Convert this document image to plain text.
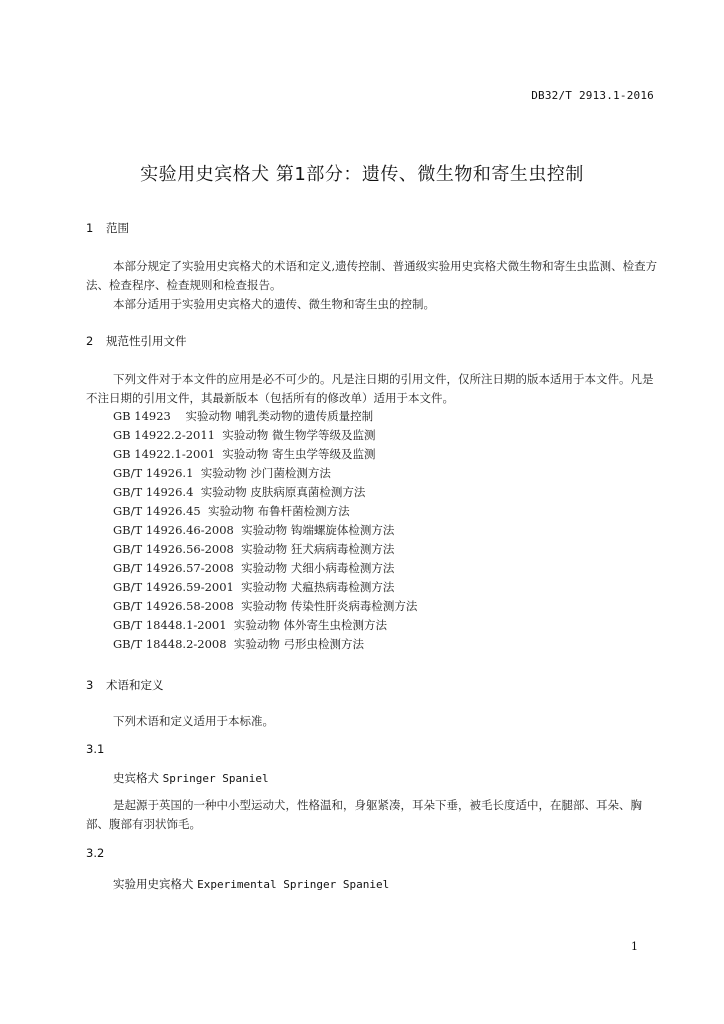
DB32/T 2913.1-2016
实验用史宾格犬 第1部分：遗传、微生物和寄生虫控制
1 范围
本部分规定了实验用史宾格犬的术语和定义,遗传控制、普通级实验用史宾格犬微生物和寄生虫监测、检查方法、检查程序、检查规则和检查报告。
本部分适用于实验用史宾格犬的遗传、微生物和寄生虫的控制。
2 规范性引用文件
下列文件对于本文件的应用是必不可少的。凡是注日期的引用文件，仅所注日期的版本适用于本文件。凡是不注日期的引用文件，其最新版本（包括所有的修改单）适用于本文件。
GB 14923    实验动物 哺乳类动物的遗传质量控制
GB 14922.2-2011  实验动物 微生物学等级及监测
GB 14922.1-2001  实验动物 寄生虫学等级及监测
GB/T 14926.1  实验动物 沙门菌检测方法
GB/T 14926.4  实验动物 皮肤病原真菌检测方法
GB/T 14926.45  实验动物 布鲁杆菌检测方法
GB/T 14926.46-2008  实验动物 钩端螺旋体检测方法
GB/T 14926.56-2008  实验动物 狂犬病病毒检测方法
GB/T 14926.57-2008  实验动物 犬细小病毒检测方法
GB/T 14926.59-2001  实验动物 犬瘟热病毒检测方法
GB/T 14926.58-2008  实验动物 传染性肝炎病毒检测方法
GB/T 18448.1-2001  实验动物 体外寄生虫检测方法
GB/T 18448.2-2008  实验动物 弓形虫检测方法
3 术语和定义
下列术语和定义适用于本标准。
3.1
史宾格犬 Springer Spaniel
是起源于英国的一种中小型运动犬，性格温和，身躯紧凑，耳朵下垂，被毛长度适中，在腿部、耳朵、胸部、腹部有羽状饰毛。
3.2
实验用史宾格犬 Experimental Springer Spaniel
1
